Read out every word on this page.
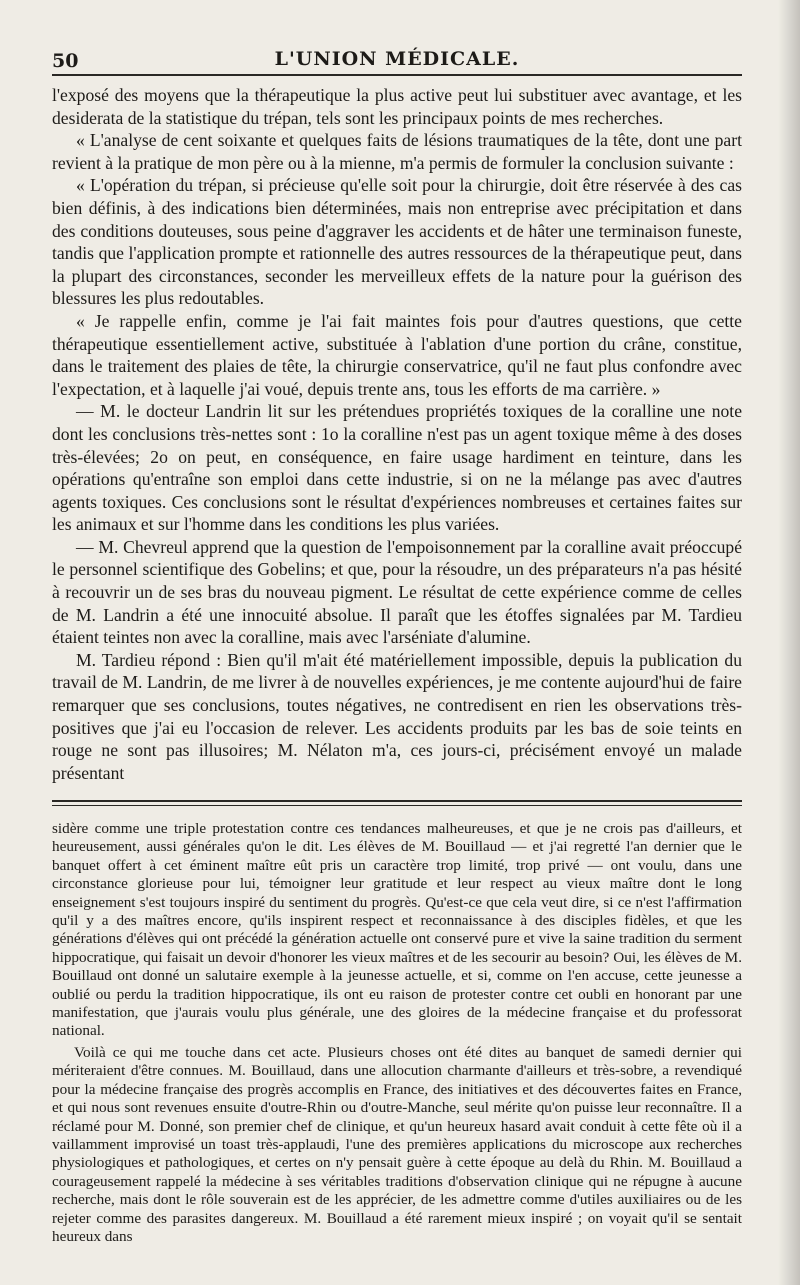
50	L'UNION MÉDICALE.

l'exposé des moyens que la thérapeutique la plus active peut lui substituer avec avantage, et les desiderata de la statistique du trépan, tels sont les principaux points de mes recherches.

« L'analyse de cent soixante et quelques faits de lésions traumatiques de la tête, dont une part revient à la pratique de mon père ou à la mienne, m'a permis de formuler la conclusion suivante :

« L'opération du trépan, si précieuse qu'elle soit pour la chirurgie, doit être réservée à des cas bien définis, à des indications bien déterminées, mais non entreprise avec précipitation et dans des conditions douteuses, sous peine d'aggraver les accidents et de hâter une terminaison funeste, tandis que l'application prompte et rationnelle des autres ressources de la thérapeutique peut, dans la plupart des circonstances, seconder les merveilleux effets de la nature pour la guérison des blessures les plus redoutables.

« Je rappelle enfin, comme je l'ai fait maintes fois pour d'autres questions, que cette thérapeutique essentiellement active, substituée à l'ablation d'une portion du crâne, constitue, dans le traitement des plaies de tête, la chirurgie conservatrice, qu'il ne faut plus confondre avec l'expectation, et à laquelle j'ai voué, depuis trente ans, tous les efforts de ma carrière. »

— M. le docteur Landrin lit sur les prétendues propriétés toxiques de la coralline une note dont les conclusions très-nettes sont : 1o la coralline n'est pas un agent toxique même à des doses très-élevées; 2o on peut, en conséquence, en faire usage hardiment en teinture, dans les opérations qu'entraîne son emploi dans cette industrie, si on ne la mélange pas avec d'autres agents toxiques. Ces conclusions sont le résultat d'expériences nombreuses et certaines faites sur les animaux et sur l'homme dans les conditions les plus variées.

— M. Chevreul apprend que la question de l'empoisonnement par la coralline avait préoccupé le personnel scientifique des Gobelins; et que, pour la résoudre, un des préparateurs n'a pas hésité à recouvrir un de ses bras du nouveau pigment. Le résultat de cette expérience comme de celles de M. Landrin a été une innocuité absolue. Il paraît que les étoffes signalées par M. Tardieu étaient teintes non avec la coralline, mais avec l'arséniate d'alumine.

M. Tardieu répond : Bien qu'il m'ait été matériellement impossible, depuis la publication du travail de M. Landrin, de me livrer à de nouvelles expériences, je me contente aujourd'hui de faire remarquer que ses conclusions, toutes négatives, ne contredisent en rien les observations très-positives que j'ai eu l'occasion de relever. Les accidents produits par les bas de soie teints en rouge ne sont pas illusoires; M. Nélaton m'a, ces jours-ci, précisément envoyé un malade présentant

sidère comme une triple protestation contre ces tendances malheureuses, et que je ne crois pas d'ailleurs, et heureusement, aussi générales qu'on le dit. Les élèves de M. Bouillaud — et j'ai regretté l'an dernier que le banquet offert à cet éminent maître eût pris un caractère trop limité, trop privé — ont voulu, dans une circonstance glorieuse pour lui, témoigner leur gratitude et leur respect au vieux maître dont le long enseignement s'est toujours inspiré du sentiment du progrès. Qu'est-ce que cela veut dire, si ce n'est l'affirmation qu'il y a des maîtres encore, qu'ils inspirent respect et reconnaissance à des disciples fidèles, et que les générations d'élèves qui ont précédé la génération actuelle ont conservé pure et vive la saine tradition du serment hippocratique, qui faisait un devoir d'honorer les vieux maîtres et de les secourir au besoin? Oui, les élèves de M. Bouillaud ont donné un salutaire exemple à la jeunesse actuelle, et si, comme on l'en accuse, cette jeunesse a oublié ou perdu la tradition hippocratique, ils ont eu raison de protester contre cet oubli en honorant par une manifestation, que j'aurais voulu plus générale, une des gloires de la médecine française et du professorat national.

Voilà ce qui me touche dans cet acte. Plusieurs choses ont été dites au banquet de samedi dernier qui mériteraient d'être connues. M. Bouillaud, dans une allocution charmante d'ailleurs et très-sobre, a revendiqué pour la médecine française des progrès accomplis en France, des initiatives et des découvertes faites en France, et qui nous sont revenues ensuite d'outre-Rhin ou d'outre-Manche, seul mérite qu'on puisse leur reconnaître. Il a réclamé pour M. Donné, son premier chef de clinique, et qu'un heureux hasard avait conduit à cette fête où il a vaillamment improvisé un toast très-applaudi, l'une des premières applications du microscope aux recherches physiologiques et pathologiques, et certes on n'y pensait guère à cette époque au delà du Rhin. M. Bouillaud a courageusement rappelé la médecine à ses véritables traditions d'observation clinique qui ne répugne à aucune recherche, mais dont le rôle souverain est de les apprécier, de les admettre comme d'utiles auxiliaires ou de les rejeter comme des parasites dangereux. M. Bouillaud a été rarement mieux inspiré ; on voyait qu'il se sentait heureux dans
